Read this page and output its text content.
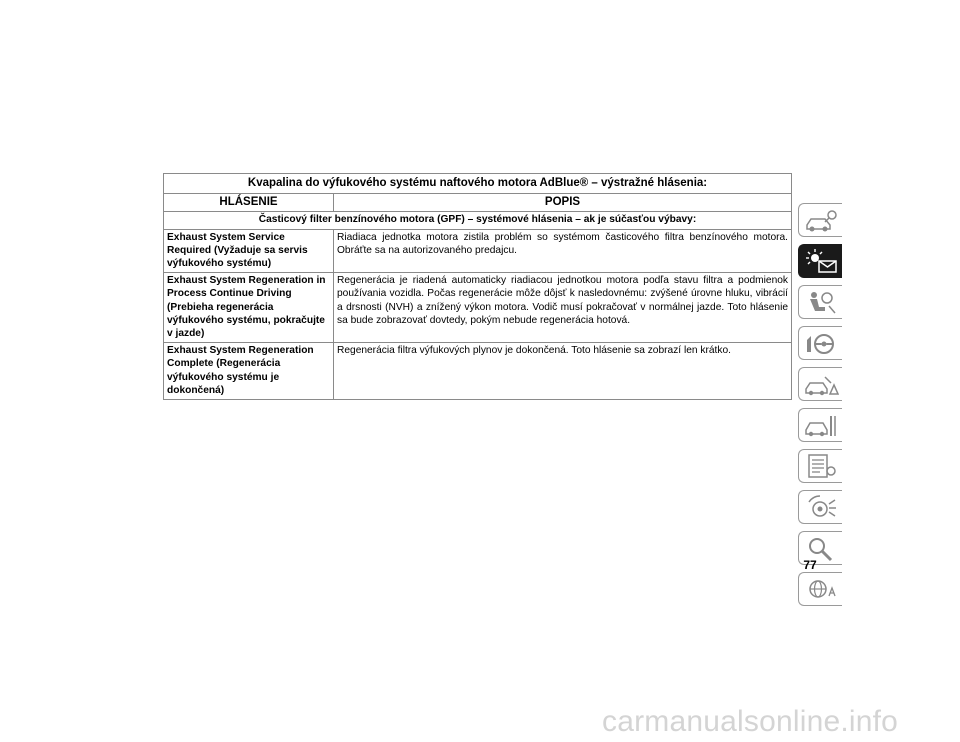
Kvapalina do výfukového systému naftového motora AdBlue® – výstražné hlásenia:	
HLÁSENIE	POPIS
Časticový filter benzínového motora (GPF) – systémové hlásenia – ak je súčasťou výbavy:	
Exhaust System Service Required (Vyžaduje sa servis výfukového systému)	Riadiaca jednotka motora zistila problém so systémom časticového filtra benzínového motora. Obráťte sa na autorizovaného predajcu.
Exhaust System Regeneration in Process Continue Driving (Prebieha regenerácia výfukového systému, pokračujte v jazde)	Regenerácia je riadená automaticky riadiacou jednotkou motora podľa stavu filtra a podmienok používania vozidla. Počas regenerácie môže dôjsť k nasledovnému: zvýšené úrovne hluku, vibrácií a drsnosti (NVH) a znížený výkon motora. Vodič musí pokračovať v normálnej jazde. Toto hlásenie sa bude zobrazovať dovtedy, pokým nebude regenerácia hotová.
Exhaust System Regeneration Complete (Regenerácia výfukového systému je dokončená)	Regenerácia filtra výfukových plynov je dokončená. Toto hlásenie sa zobrazí len krátko.
77
carmanualsonline.info
